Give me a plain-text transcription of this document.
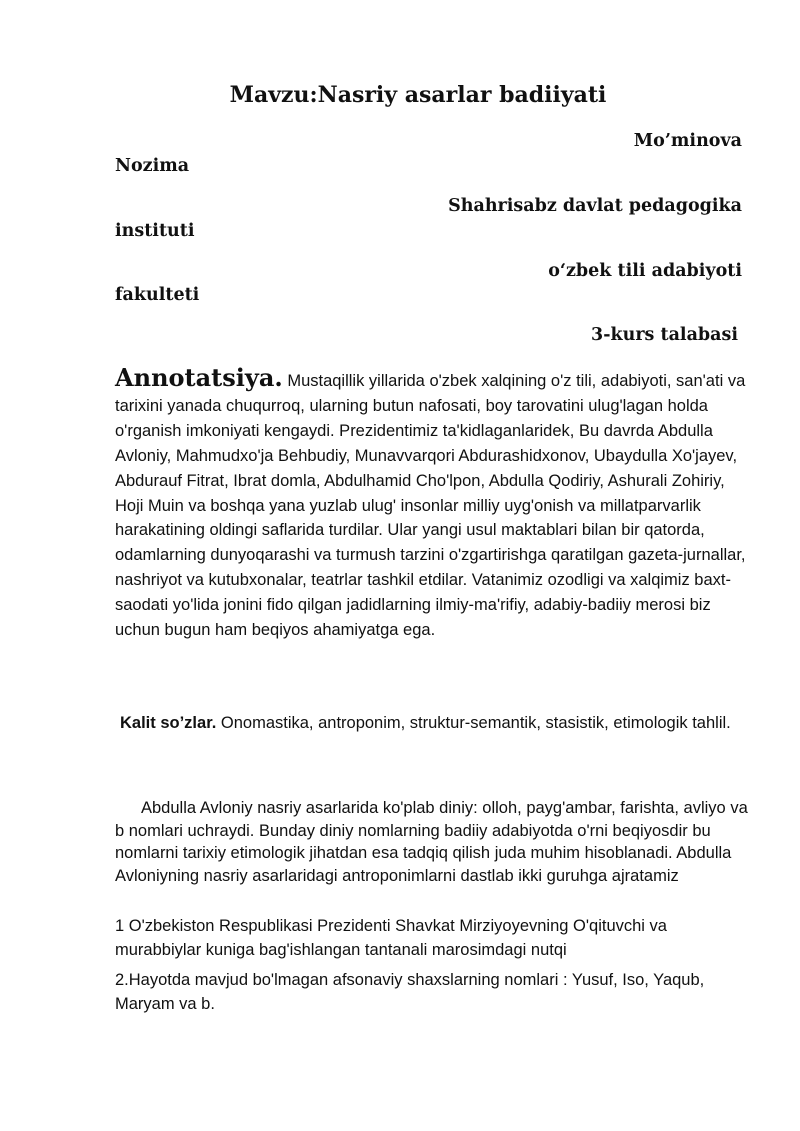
Mavzu:Nasriy asarlar badiiyati
Mo’minova
Nozima
Shahrisabz davlat pedagogika
instituti
o‘zbek tili adabiyoti
fakulteti
3-kurs talabasi
Annotatsiya. Mustaqillik yillarida o'zbek xalqining o'z tili, adabiyoti, san'ati va tarixini yanada chuqurroq, ularning butun nafosati, boy tarovatini ulug'lagan holda o'rganish imkoniyati kengaydi. Prezidentimiz ta'kidlaganlaridek, Bu davrda Abdulla Avloniy, Mahmudxo'ja Behbudiy, Munavvarqori Abdurashidxonov, Ubaydulla Xo'jayev, Abdurauf Fitrat, Ibrat domla, Abdulhamid Cho'lpon, Abdulla Qodiriy, Ashurali Zohiriy, Hoji Muin va boshqa yana yuzlab ulug' insonlar milliy uyg'onish va millatparvarlik harakatining oldingi saflarida turdilar. Ular yangi usul maktablari bilan bir qatorda, odamlarning dunyoqarashi va turmush tarzini o'zgartirishga qaratilgan gazeta-jurnallar, nashriyot va kutubxonalar, teatrlar tashkil etdilar. Vatanimiz ozodligi va xalqimiz baxt-saodati yo'lida jonini fido qilgan jadidlarning ilmiy-ma'rifiy, adabiy-badiiy merosi biz uchun bugun ham beqiyos ahamiyatga ega.
Kalit so’zlar. Onomastika, antroponim, struktur-semantik, stasistik, etimologik tahlil.
Abdulla Avloniy nasriy asarlarida ko'plab diniy: olloh, payg'ambar, farishta, avliyo va b nomlari uchraydi. Bunday diniy nomlarning badiiy adabiyotda o'rni beqiyosdir bu nomlarni tarixiy etimologik jihatdan esa tadqiq qilish juda muhim hisoblanadi. Abdulla Avloniyning nasriy asarlaridagi antroponimlarni dastlab ikki guruhga ajratamiz
1 O'zbekiston Respublikasi Prezidenti Shavkat Mirziyoyevning O'qituvchi va murabbiylar kuniga bag'ishlangan tantanali marosimdagi nutqi
2.Hayotda mavjud bo'lmagan afsonaviy shaxslarning nomlari : Yusuf, Iso, Yaqub, Maryam va b.
